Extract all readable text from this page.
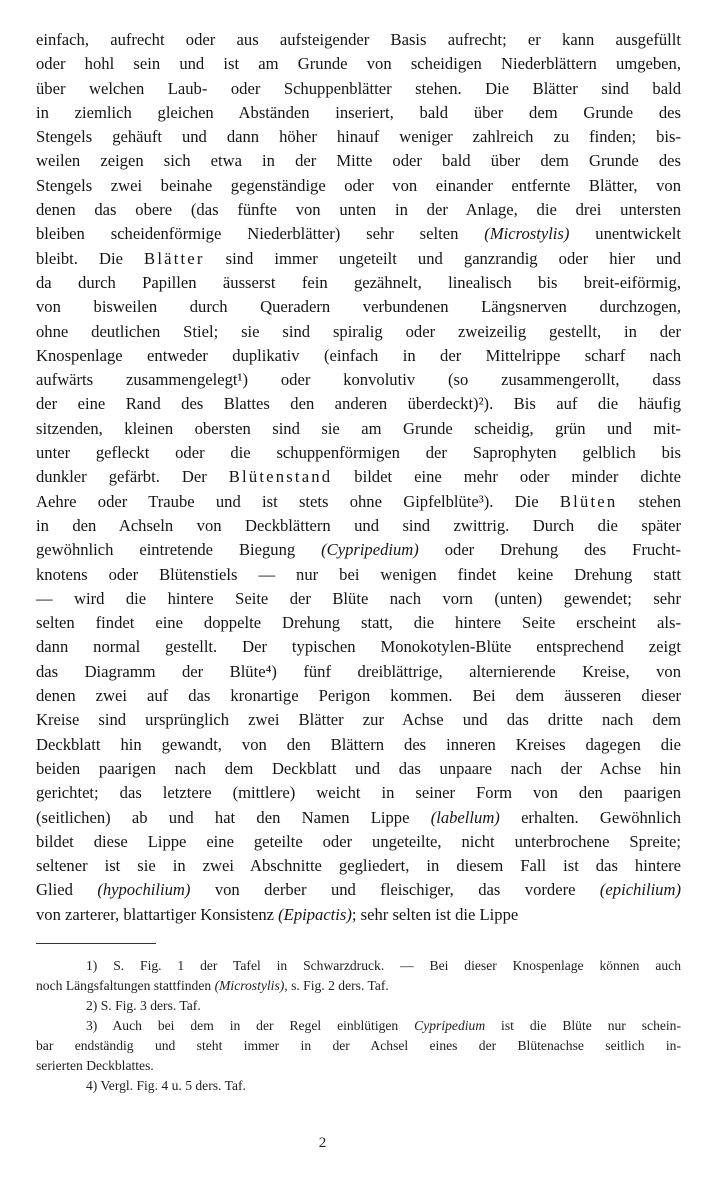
einfach, aufrecht oder aus aufsteigender Basis aufrecht; er kann ausgefüllt
oder hohl sein und ist am Grunde von scheidigen Niederblättern umgeben,
über welchen Laub- oder Schuppenblätter stehen. Die Blätter sind bald
in ziemlich gleichen Abständen inseriert, bald über dem Grunde des
Stengels gehäuft und dann höher hinauf weniger zahlreich zu finden; bis-
weilen zeigen sich etwa in der Mitte oder bald über dem Grunde des
Stengels zwei beinahe gegenständige oder von einander entfernte Blätter, von
denen das obere (das fünfte von unten in der Anlage, die drei untersten
bleiben scheidenförmige Niederblätter) sehr selten (Microstylis) unentwickelt
bleibt. Die Blätter sind immer ungeteilt und ganzrandig oder hier und
da durch Papillen äusserst fein gezähnelt, linealisch bis breit-eiförmig,
von bisweilen durch Queradern verbundenen Längsnerven durchzogen,
ohne deutlichen Stiel; sie sind spiralig oder zweizeilig gestellt, in der
Knospenlage entweder duplikativ (einfach in der Mittelrippe scharf nach
aufwärts zusammengelegt¹) oder konvolutiv (so zusammengerollt, dass
der eine Rand des Blattes den anderen überdeckt)²). Bis auf die häufig
sitzenden, kleinen obersten sind sie am Grunde scheidig, grün und mit-
unter gefleckt oder die schuppenförmigen der Saprophyten gelblich bis
dunkler gefärbt. Der Blütenstand bildet eine mehr oder minder dichte
Aehre oder Traube und ist stets ohne Gipfelblüte³). Die Blüten stehen
in den Achseln von Deckblättern und sind zwittrig. Durch die später
gewöhnlich eintretende Biegung (Cypripedium) oder Drehung des Frucht-
knotens oder Blütenstiels — nur bei wenigen findet keine Drehung statt
— wird die hintere Seite der Blüte nach vorn (unten) gewendet; sehr
selten findet eine doppelte Drehung statt, die hintere Seite erscheint als-
dann normal gestellt. Der typischen Monokotylen-Blüte entsprechend zeigt
das Diagramm der Blüte⁴) fünf dreiblättrige, alternierende Kreise, von
denen zwei auf das kronartige Perigon kommen. Bei dem äusseren dieser
Kreise sind ursprünglich zwei Blätter zur Achse und das dritte nach dem
Deckblatt hin gewandt, von den Blättern des inneren Kreises dagegen die
beiden paarigen nach dem Deckblatt und das unpaare nach der Achse hin
gerichtet; das letztere (mittlere) weicht in seiner Form von den paarigen
(seitlichen) ab und hat den Namen Lippe (labellum) erhalten. Gewöhnlich
bildet diese Lippe eine geteilte oder ungeteilte, nicht unterbrochene Spreite;
seltener ist sie in zwei Abschnitte gegliedert, in diesem Fall ist das hintere
Glied (hypochilium) von derber und fleischiger, das vordere (epichilium)
von zarterer, blattartiger Konsistenz (Epipactis); sehr selten ist die Lippe
1) S. Fig. 1 der Tafel in Schwarzdruck. — Bei dieser Knospenlage können auch
noch Längsfaltungen stattfinden (Microstylis), s. Fig. 2 ders. Taf.
2) S. Fig. 3 ders. Taf.
3) Auch bei dem in der Regel einblütigen Cypripedium ist die Blüte nur schein-
bar endständig und steht immer in der Achsel eines der Blütenachse seitlich in-
serierten Deckblattes.
4) Vergl. Fig. 4 u. 5 ders. Taf.
2
